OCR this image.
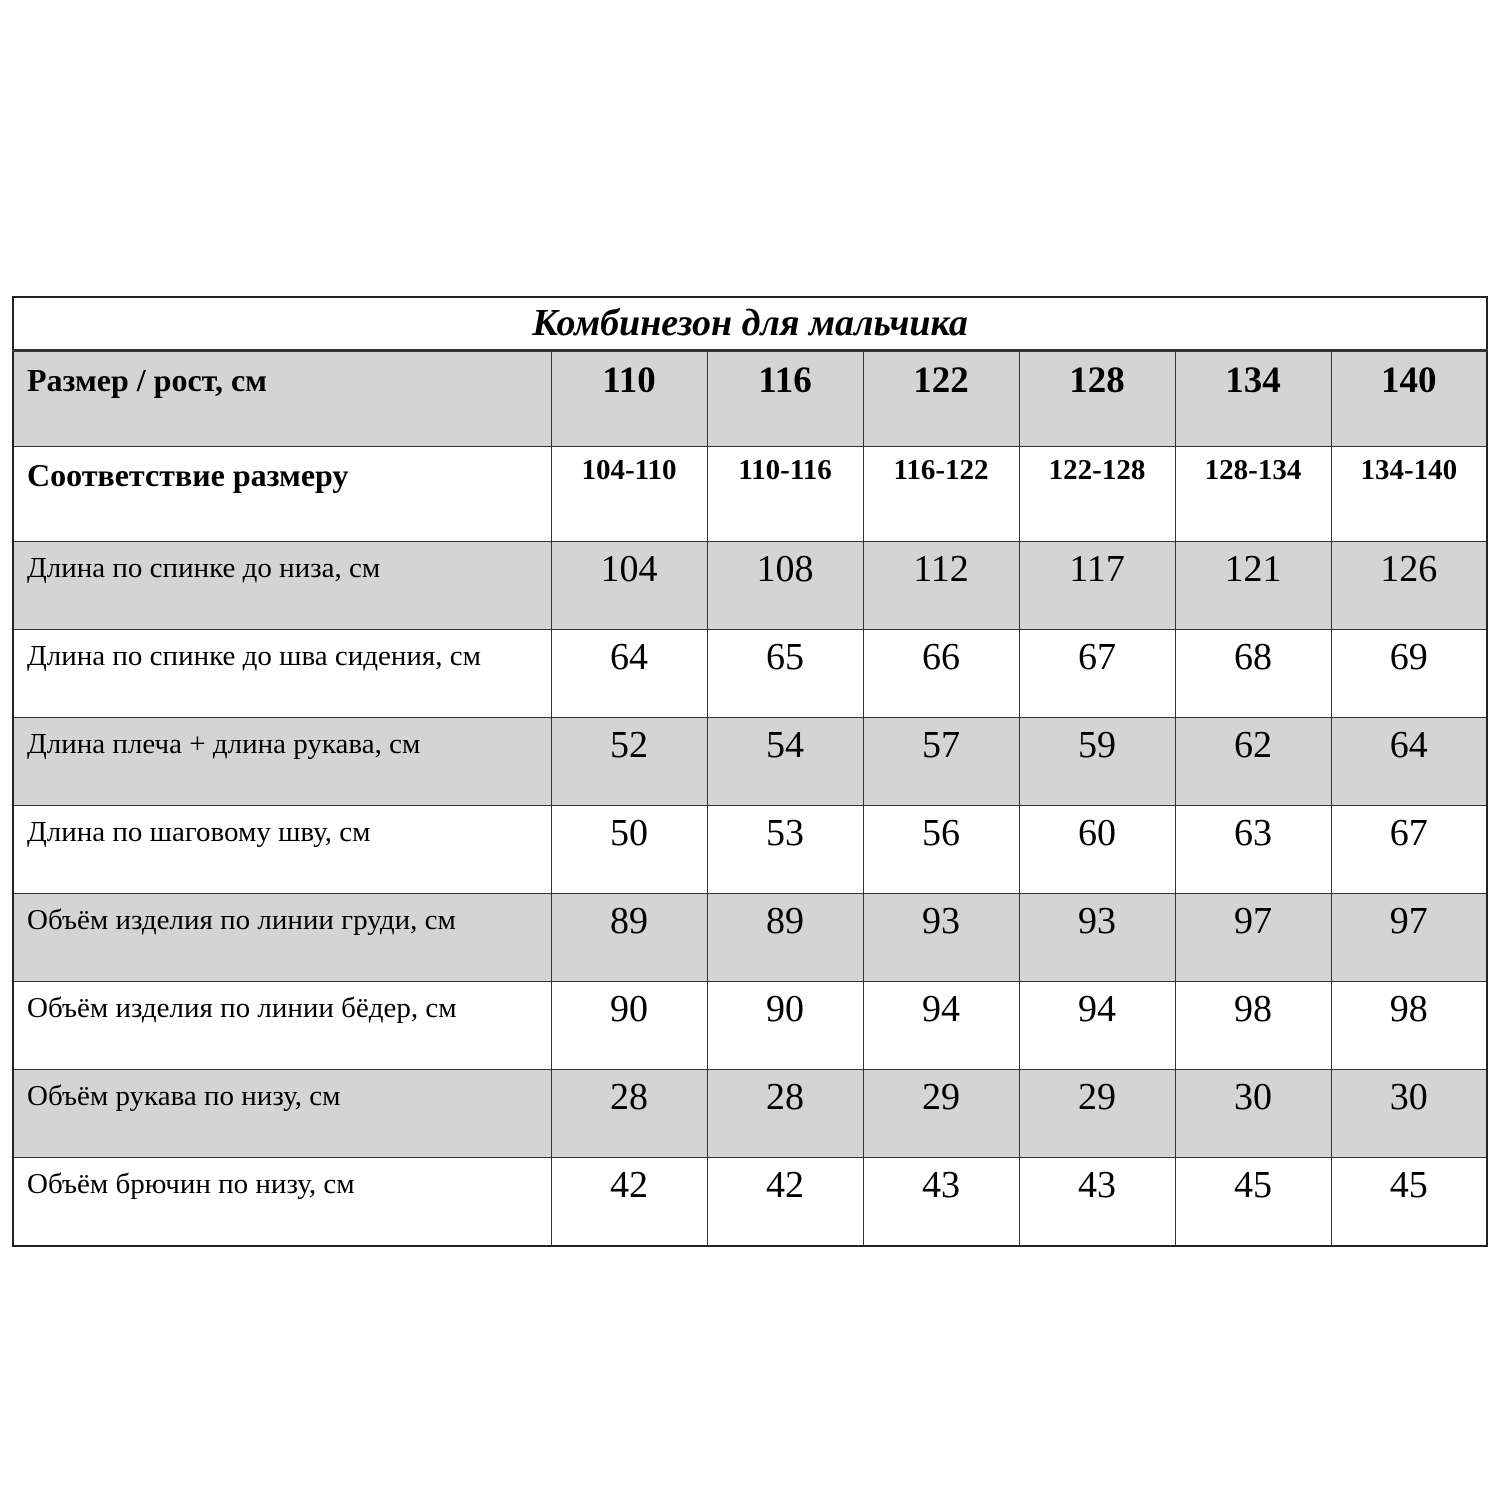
Комбинезон для мальчика						
Размер / рост, см	110	116	122	128	134	140
Соответствие размеру	104-110	110-116	116-122	122-128	128-134	134-140
Длина по спинке до низа, см	104	108	112	117	121	126
Длина по спинке до шва сидения, см	64	65	66	67	68	69
Длина плеча + длина рукава, см	52	54	57	59	62	64
Длина по шаговому шву, см	50	53	56	60	63	67
Объём изделия по линии груди, см	89	89	93	93	97	97
Объём изделия по линии бёдер, см	90	90	94	94	98	98
Объём рукава по низу, см	28	28	29	29	30	30
Объём брючин по низу, см	42	42	43	43	45	45
